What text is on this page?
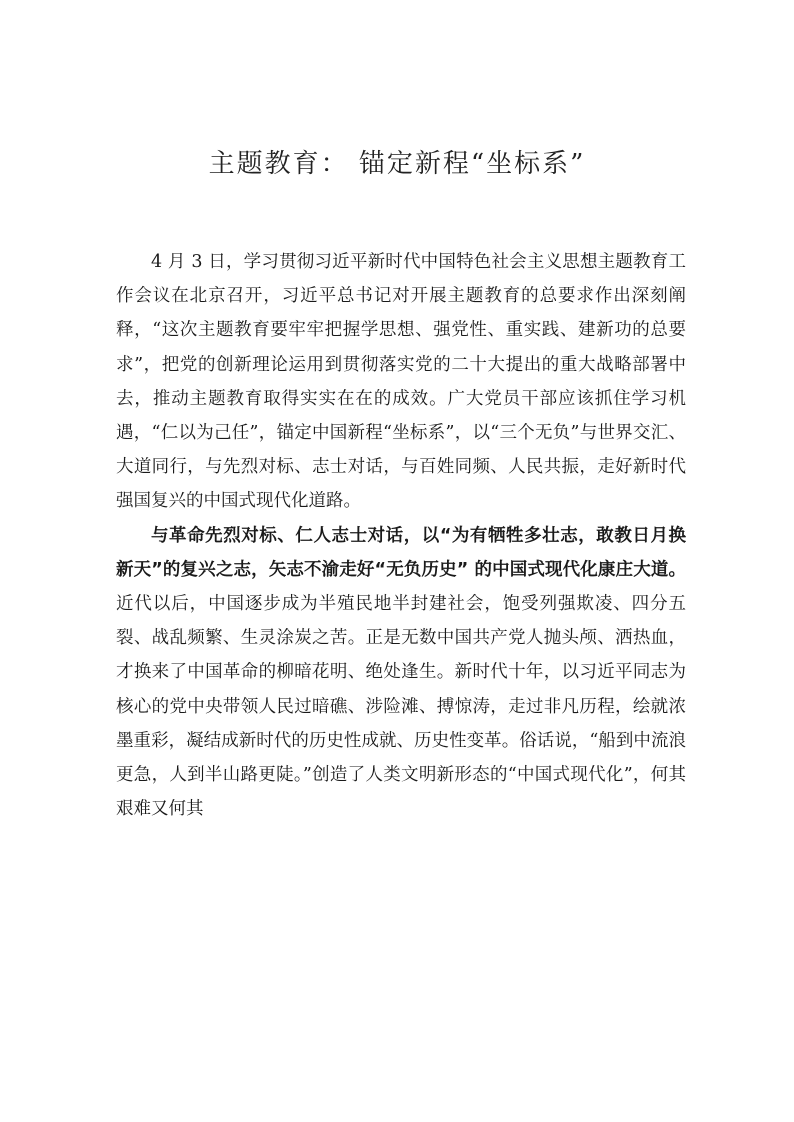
主题教育： 锚定新程“坐标系”

4 月 3 日，学习贯彻习近平新时代中国特色社会主义思想主题教育工作会议在北京召开，习近平总书记对开展主题教育的总要求作出深刻阐释，“这次主题教育要牢牢把握学思想、强党性、重实践、建新功的总要求”，把党的创新理论运用到贯彻落实党的二十大提出的重大战略部署中去，推动主题教育取得实实在在的成效。广大党员干部应该抓住学习机遇，“仁以为己任”，锚定中国新程“坐标系”，以“三个无负”与世界交汇、大道同行，与先烈对标、志士对话，与百姓同频、人民共振，走好新时代强国复兴的中国式现代化道路。

与革命先烈对标、仁人志士对话，以“为有牺牲多壮志，敢教日月换新天”的复兴之志，矢志不渝走好“无负历史” 的中国式现代化康庄大道。近代以后，中国逐步成为半殖民地半封建社会，饱受列强欺凌、四分五裂、战乱频繁、生灵涂炭之苦。正是无数中国共产党人抛头颅、洒热血，才换来了中国革命的柳暗花明、绝处逢生。新时代十年，以习近平同志为核心的党中央带领人民过暗礁、涉险滩、搏惊涛，走过非凡历程，绘就浓墨重彩，凝结成新时代的历史性成就、历史性变革。俗话说，“船到中流浪更急，人到半山路更陡。”创造了人类文明新形态的“中国式现代化”，何其艰难又何其
